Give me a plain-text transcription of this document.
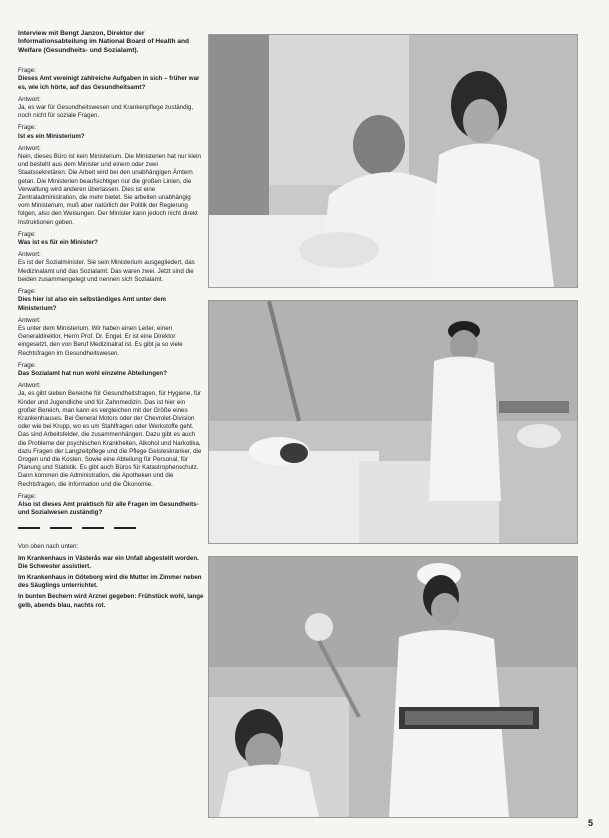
Interview mit Bengt Janzon, Direktor der Informationsabteilung im National Board of Health and Welfare (Gesundheits- und Sozialamt).

Frage:

Dieses Amt vereinigt zahlreiche Aufgaben in sich – früher war es, wie ich hörte, auf das Gesundheitsamt?

Antwort:

Ja, es war für Gesundheitswesen und Krankenpflege zuständig, noch nicht für soziale Fragen.

Frage:

Ist es ein Ministerium?

Antwort:

Nein, dieses Büro ist kein Ministerium. Die Ministerien hat nur klein und besteht aus dem Minister und einem oder zwei Staatssekretären. Die Arbeit wird bei den unabhängigen Ämtern getan. Die Ministerien beaufsichtigen nur die großen Linien, die Verwaltung wird anderen überlassen. Dies ist eine Zentraladministration, die mehr bietet. Sie arbeiten unabhängig vom Ministerium, muß aber natürlich der Politik der Regierung folgen, also den Weisungen. Der Minister kann jedoch nicht direkt Instruktionen geben.

Frage:

Was ist es für ein Minister?

Antwort:

Es ist der Sozialminister. Sie sein Ministerium ausgegliedert, das Medizinalamt und das Sozialamt. Das waren zwei. Jetzt sind die beiden zusammengelegt und nennen sich Sozialamt.

Frage:

Dies hier ist also ein selbständiges Amt unter dem Ministerium?

Antwort:

Es unter dem Ministerium. Wir haben einen Leiter, einen Generaldirektor, Herrn Prof. Dr. Engel. Er ist eine Direktor eingesetzt, den von Beruf Medizinalrat ist. Es gibt ja so viele Rechtsfragen im Gesundheitswesen.

Frage:

Das Sozialamt hat nun wohl einzelne Abteilungen?

Antwort:

Ja, es gibt sieben Bereiche für Gesundheitsfragen, für Hygiene, für Kinder und Jugendliche und für Zahnmedizin. Das ist hier ein großer Bereich, man kann es vergleichen mit der Größe eines Krankenhauses. Bei General Motors oder der Chevrolet-Division oder wie bei Krupp, wo es um Stahlfragen oder Werkstoffe geht. Das sind Arbeitsfelder, die zusammenhängen. Dazu gibt es auch die Probleme der psychischen Krankheiten, Alkohol und Narkotika, dazu Fragen der Langzeitpflege und die Pflege Geisteskranker, die Drogen und die Kosten. Sowie eine Abteilung für Personal, für Planung und Statistik. Es gibt auch Büros für Katastrophenschutz. Dann kommen die Administration, die Apotheken und die Rechtsfragen, die Information und die Ökonomie.

Frage:

Also ist dieses Amt praktisch für alle Fragen im Gesundheits- und Sozialwesen zuständig?

Von oben nach unten:

Im Krankenhaus in Västerås war ein Unfall abgestellt worden. Die Schwester assistiert.

Im Krankenhaus in Göteborg wird die Mutter im Zimmer neben des Säuglings unterrichtet.

In bunten Bechern wird Arznei gegeben: Frühstück wohl, lange gelb, abends blau, nachts rot.

5
